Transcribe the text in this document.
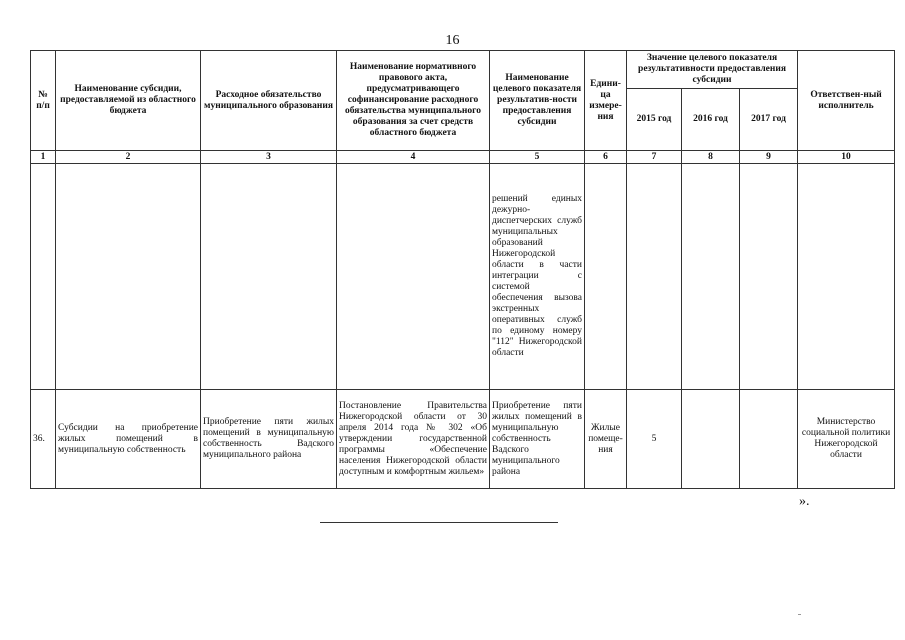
16
№ п/п	Наименование субсидии, предоставляемой из областного бюджета	Расходное обязательство муниципального образования	Наименование нормативного правового акта, предусматривающего софинансирование расходного обязательства муниципального образования за счет средств областного бюджета	Наименование целевого показателя результатив-ности предоставления субсидии	Едини-ца измере-ния	Значение целевого показателя результативности предоставления субсидии			Ответствен-ный исполнитель
						2015 год	2016 год	2017 год	
1	2	3	4	5	6	7	8	9	10
				решений единых дежурно-диспетчерских служб муниципальных образований Нижегородской области в части интеграции с системой обеспечения вызова экстренных оперативных служб по единому номеру "112" Нижегородской области					
36.	Субсидии на приобретение жилых помещений в муниципальную собственность	Приобретение пяти жилых помещений в муниципальную собственность Вадского муниципального района	Постановление Правительства Нижегородской области от 30 апреля 2014 года № 302 «Об утверждении государственной программы «Обеспечение населения Нижегородской области доступным и комфортным жильем»	Приобретение пяти жилых помещений в муниципальную собственность Вадского муниципального района	Жилые помеще-ния	5			Министерство социальной политики Нижегородской области
».
